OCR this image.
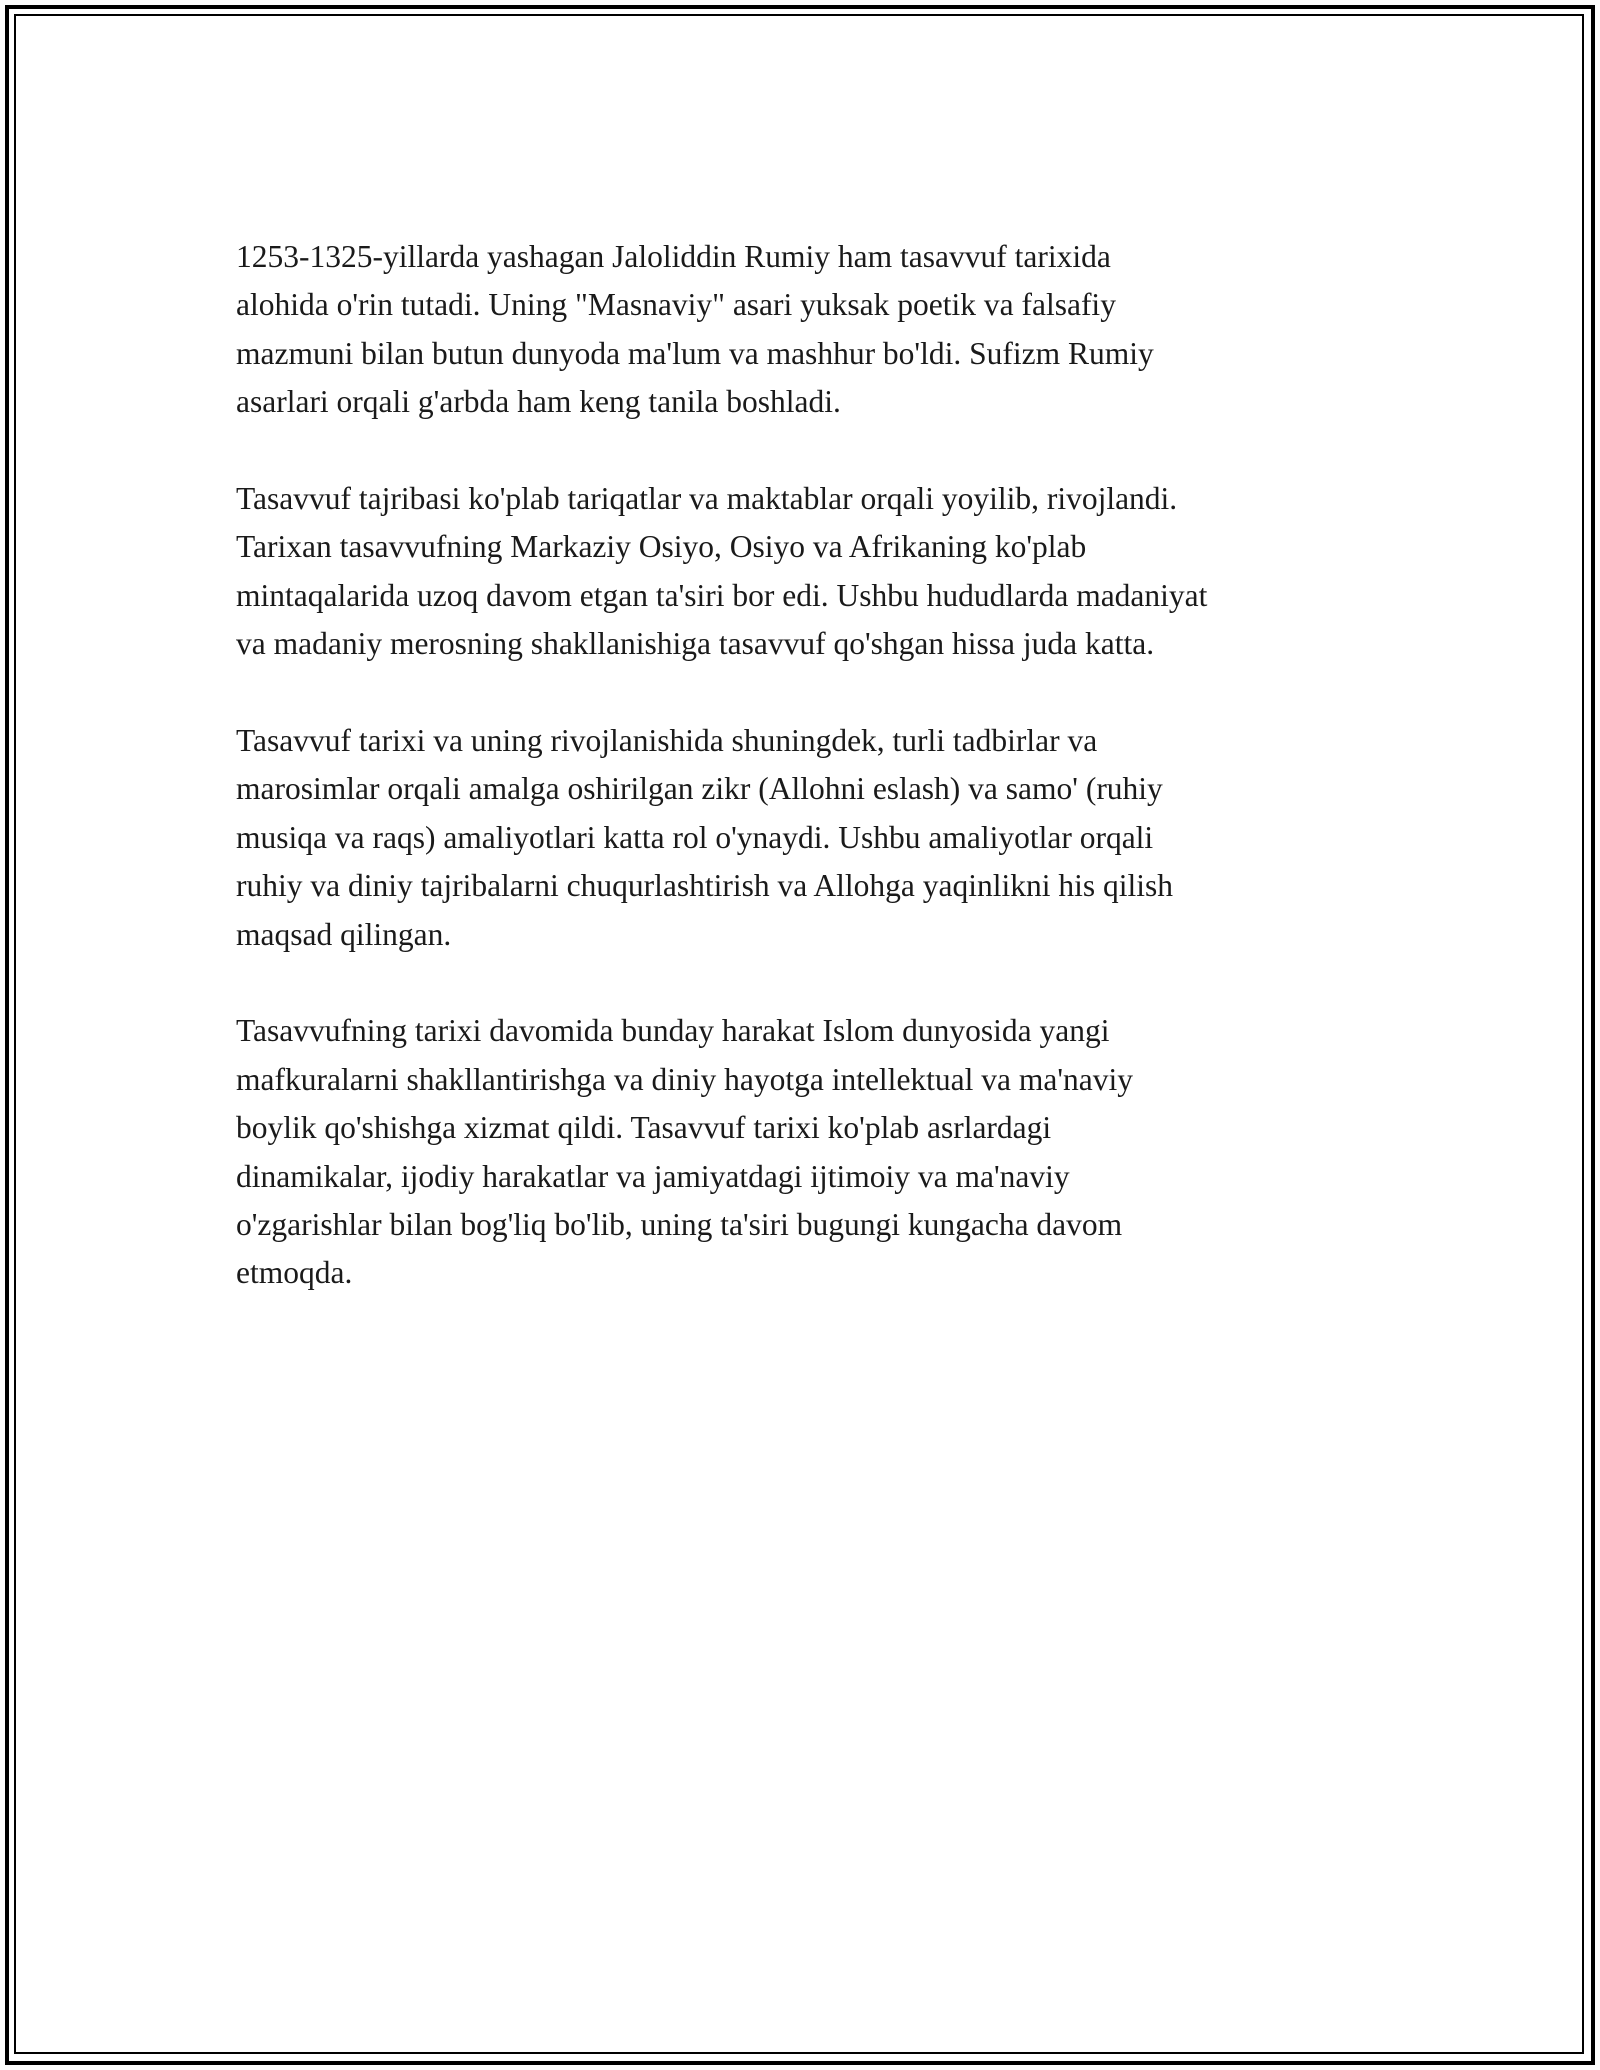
1253-1325-yillarda yashagan Jaloliddin Rumiy ham tasavvuf tarixida
alohida o'rin tutadi. Uning "Masnaviy" asari yuksak poetik va falsafiy
mazmuni bilan butun dunyoda ma'lum va mashhur bo'ldi. Sufizm Rumiy
asarlari orqali g'arbda ham keng tanila boshladi.

Tasavvuf tajribasi ko'plab tariqatlar va maktablar orqali yoyilib, rivojlandi.
Tarixan tasavvufning Markaziy Osiyo, Osiyo va Afrikaning ko'plab
mintaqalarida uzoq davom etgan ta'siri bor edi. Ushbu hududlarda madaniyat
va madaniy merosning shakllanishiga tasavvuf qo'shgan hissa juda katta.

Tasavvuf tarixi va uning rivojlanishida shuningdek, turli tadbirlar va
marosimlar orqali amalga oshirilgan zikr (Allohni eslash) va samo' (ruhiy
musiqa va raqs) amaliyotlari katta rol o'ynaydi. Ushbu amaliyotlar orqali
ruhiy va diniy tajribalarni chuqurlashtirish va Allohga yaqinlikni his qilish
maqsad qilingan.

Tasavvufning tarixi davomida bunday harakat Islom dunyosida yangi
mafkuralarni shakllantirishga va diniy hayotga intellektual va ma'naviy
boylik qo'shishga xizmat qildi. Tasavvuf tarixi ko'plab asrlardagi
dinamikalar, ijodiy harakatlar va jamiyatdagi ijtimoiy va ma'naviy
o'zgarishlar bilan bog'liq bo'lib, uning ta'siri bugungi kungacha davom
etmoqda.
